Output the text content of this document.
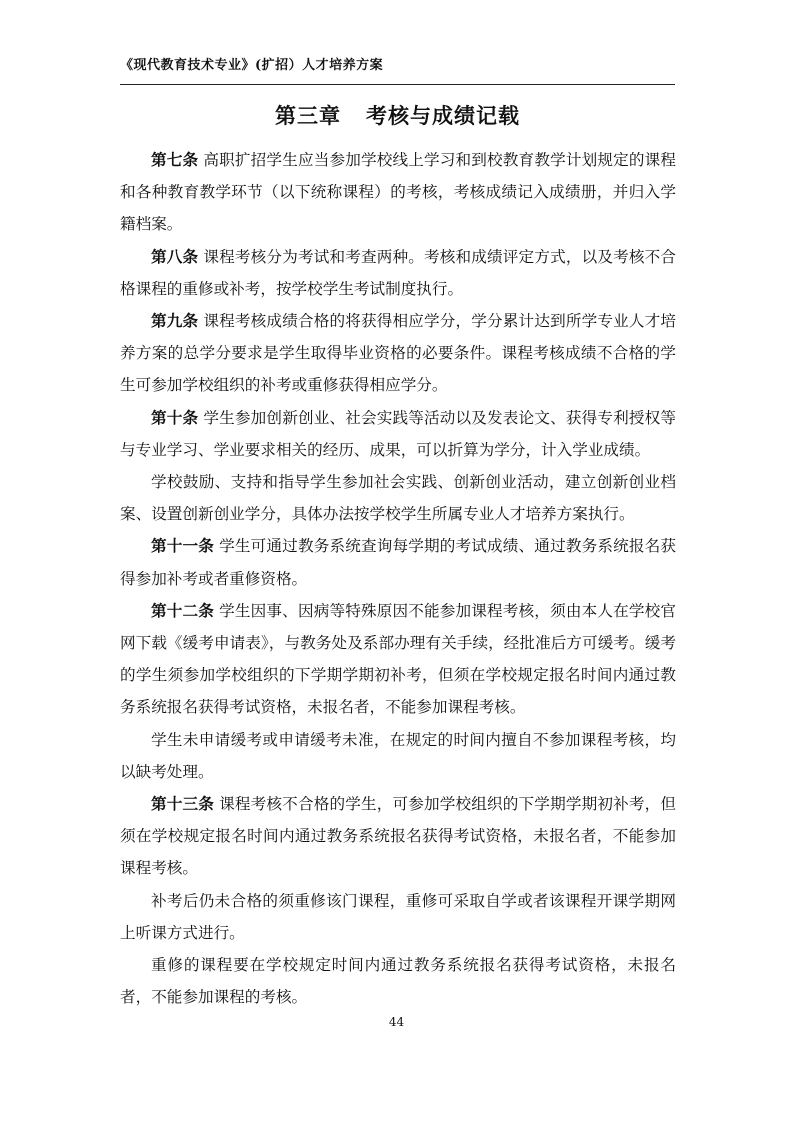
《现代教育技术专业》(扩招）人才培养方案
第三章   考核与成绩记载

第七条 高职扩招学生应当参加学校线上学习和到校教育教学计划规定的课程和各种教育教学环节（以下统称课程）的考核，考核成绩记入成绩册，并归入学籍档案。

第八条 课程考核分为考试和考查两种。考核和成绩评定方式，以及考核不合格课程的重修或补考，按学校学生考试制度执行。

第九条 课程考核成绩合格的将获得相应学分，学分累计达到所学专业人才培养方案的总学分要求是学生取得毕业资格的必要条件。课程考核成绩不合格的学生可参加学校组织的补考或重修获得相应学分。

第十条 学生参加创新创业、社会实践等活动以及发表论文、获得专利授权等与专业学习、学业要求相关的经历、成果，可以折算为学分，计入学业成绩。

学校鼓励、支持和指导学生参加社会实践、创新创业活动，建立创新创业档案、设置创新创业学分，具体办法按学校学生所属专业人才培养方案执行。

第十一条 学生可通过教务系统查询每学期的考试成绩、通过教务系统报名获得参加补考或者重修资格。

第十二条 学生因事、因病等特殊原因不能参加课程考核，须由本人在学校官网下载《缓考申请表》，与教务处及系部办理有关手续，经批准后方可缓考。缓考的学生须参加学校组织的下学期学期初补考，但须在学校规定报名时间内通过教务系统报名获得考试资格，未报名者，不能参加课程考核。

学生未申请缓考或申请缓考未准，在规定的时间内擅自不参加课程考核，均以缺考处理。

第十三条 课程考核不合格的学生，可参加学校组织的下学期学期初补考，但须在学校规定报名时间内通过教务系统报名获得考试资格，未报名者，不能参加课程考核。

补考后仍未合格的须重修该门课程，重修可采取自学或者该课程开课学期网上听课方式进行。

重修的课程要在学校规定时间内通过教务系统报名获得考试资格，未报名者，不能参加课程的考核。

44
